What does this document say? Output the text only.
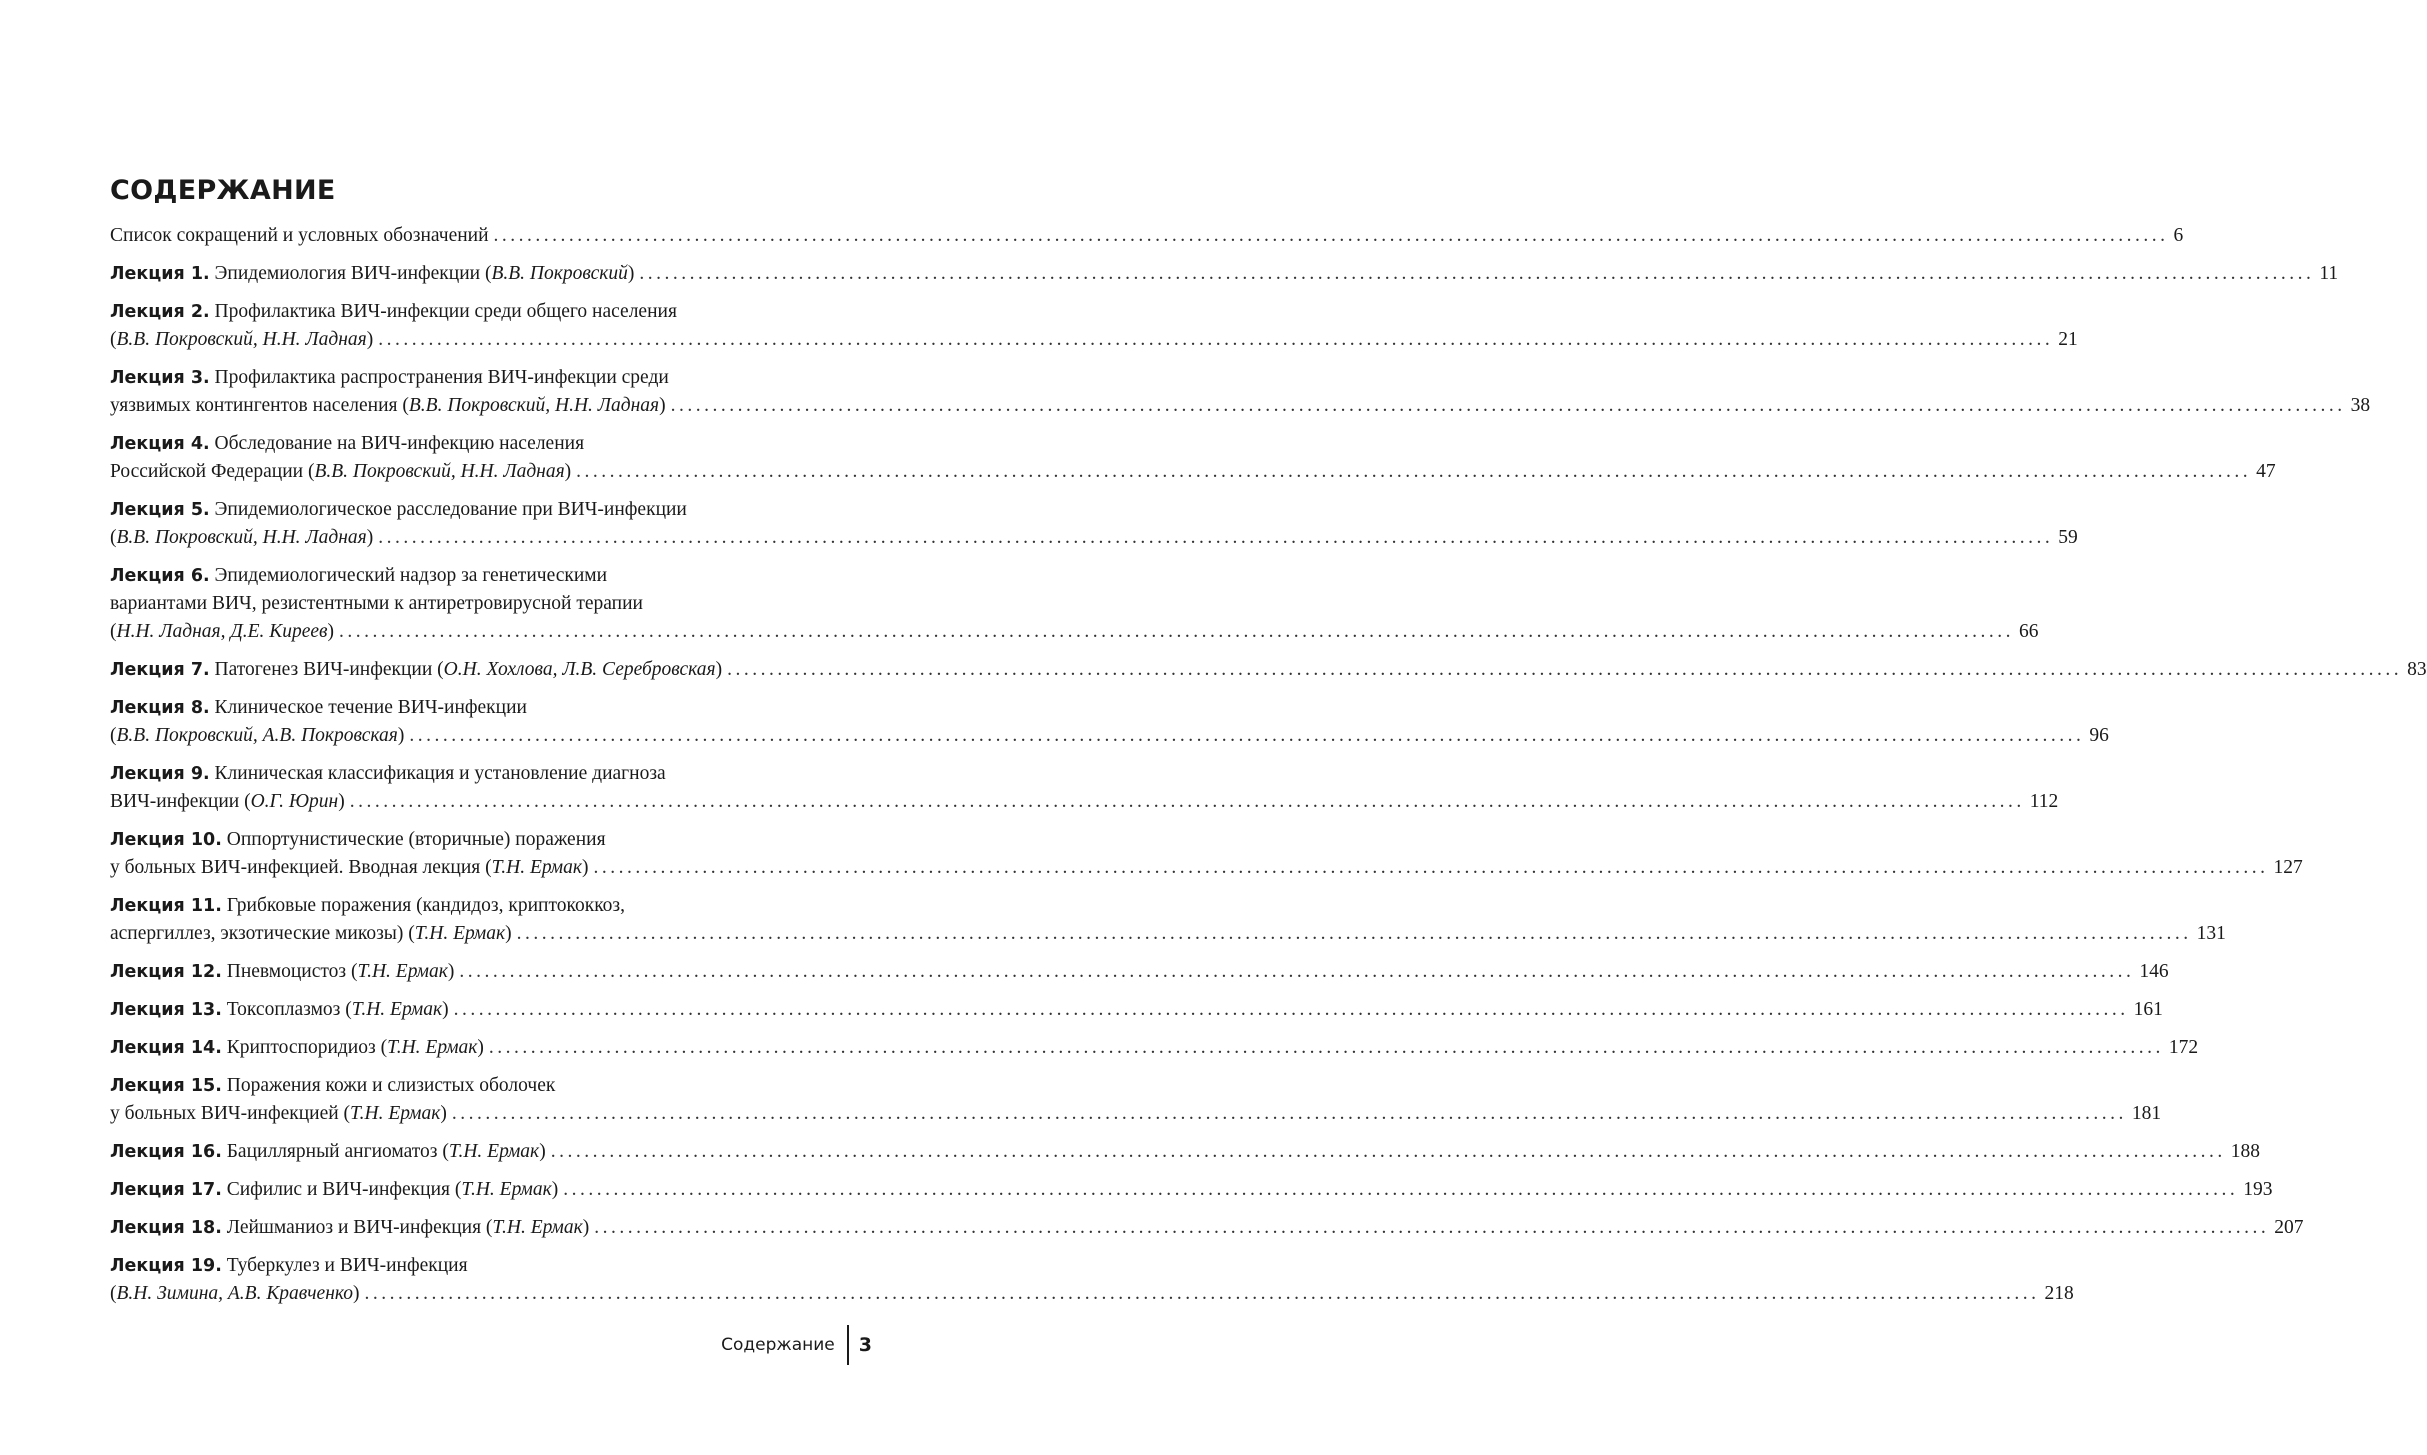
СОДЕРЖАНИЕ
Список сокращений и условных обозначений ........................................................................................................................................................................................................ 6
Лекция 1. Эпидемиология ВИЧ-инфекции (В.В. Покровский) ........................................................................................................................................................................................................ 11
Лекция 2. Профилактика ВИЧ-инфекции среди общего населения
(В.В. Покровский, Н.Н. Ладная) ........................................................................................................................................................................................................ 21
Лекция 3. Профилактика распространения ВИЧ-инфекции среди
уязвимых контингентов населения (В.В. Покровский, Н.Н. Ладная) ........................................................................................................................................................................................................ 38
Лекция 4. Обследование на ВИЧ-инфекцию населения
Российской Федерации (В.В. Покровский, Н.Н. Ладная) ........................................................................................................................................................................................................ 47
Лекция 5. Эпидемиологическое расследование при ВИЧ-инфекции
(В.В. Покровский, Н.Н. Ладная) ........................................................................................................................................................................................................ 59
Лекция 6. Эпидемиологический надзор за генетическими
вариантами ВИЧ, резистентными к антиретровирусной терапии
(Н.Н. Ладная, Д.Е. Киреев) ........................................................................................................................................................................................................ 66
Лекция 7. Патогенез ВИЧ-инфекции (О.Н. Хохлова, Л.В. Серебровская) ........................................................................................................................................................................................................ 83
Лекция 8. Клиническое течение ВИЧ-инфекции
(В.В. Покровский, А.В. Покровская) ........................................................................................................................................................................................................ 96
Лекция 9. Клиническая классификация и установление диагноза
ВИЧ-инфекции (О.Г. Юрин) ........................................................................................................................................................................................................ 112
Лекция 10. Оппортунистические (вторичные) поражения
у больных ВИЧ-инфекцией. Вводная лекция (Т.Н. Ермак) ........................................................................................................................................................................................................ 127
Лекция 11. Грибковые поражения (кандидоз, криптококкоз,
аспергиллез, экзотические микозы) (Т.Н. Ермак) ........................................................................................................................................................................................................ 131
Лекция 12. Пневмоцистоз (Т.Н. Ермак) ........................................................................................................................................................................................................ 146
Лекция 13. Токсоплазмоз (Т.Н. Ермак) ........................................................................................................................................................................................................ 161
Лекция 14. Криптоспоридиоз (Т.Н. Ермак) ........................................................................................................................................................................................................ 172
Лекция 15. Поражения кожи и слизистых оболочек
у больных ВИЧ-инфекцией (Т.Н. Ермак) ........................................................................................................................................................................................................ 181
Лекция 16. Бациллярный ангиоматоз (Т.Н. Ермак) ........................................................................................................................................................................................................ 188
Лекция 17. Сифилис и ВИЧ-инфекция (Т.Н. Ермак) ........................................................................................................................................................................................................ 193
Лекция 18. Лейшманиоз и ВИЧ-инфекция (Т.Н. Ермак) ........................................................................................................................................................................................................ 207
Лекция 19. Туберкулез и ВИЧ-инфекция
(В.Н. Зимина, А.В. Кравченко) ........................................................................................................................................................................................................ 218
Содержание	3
